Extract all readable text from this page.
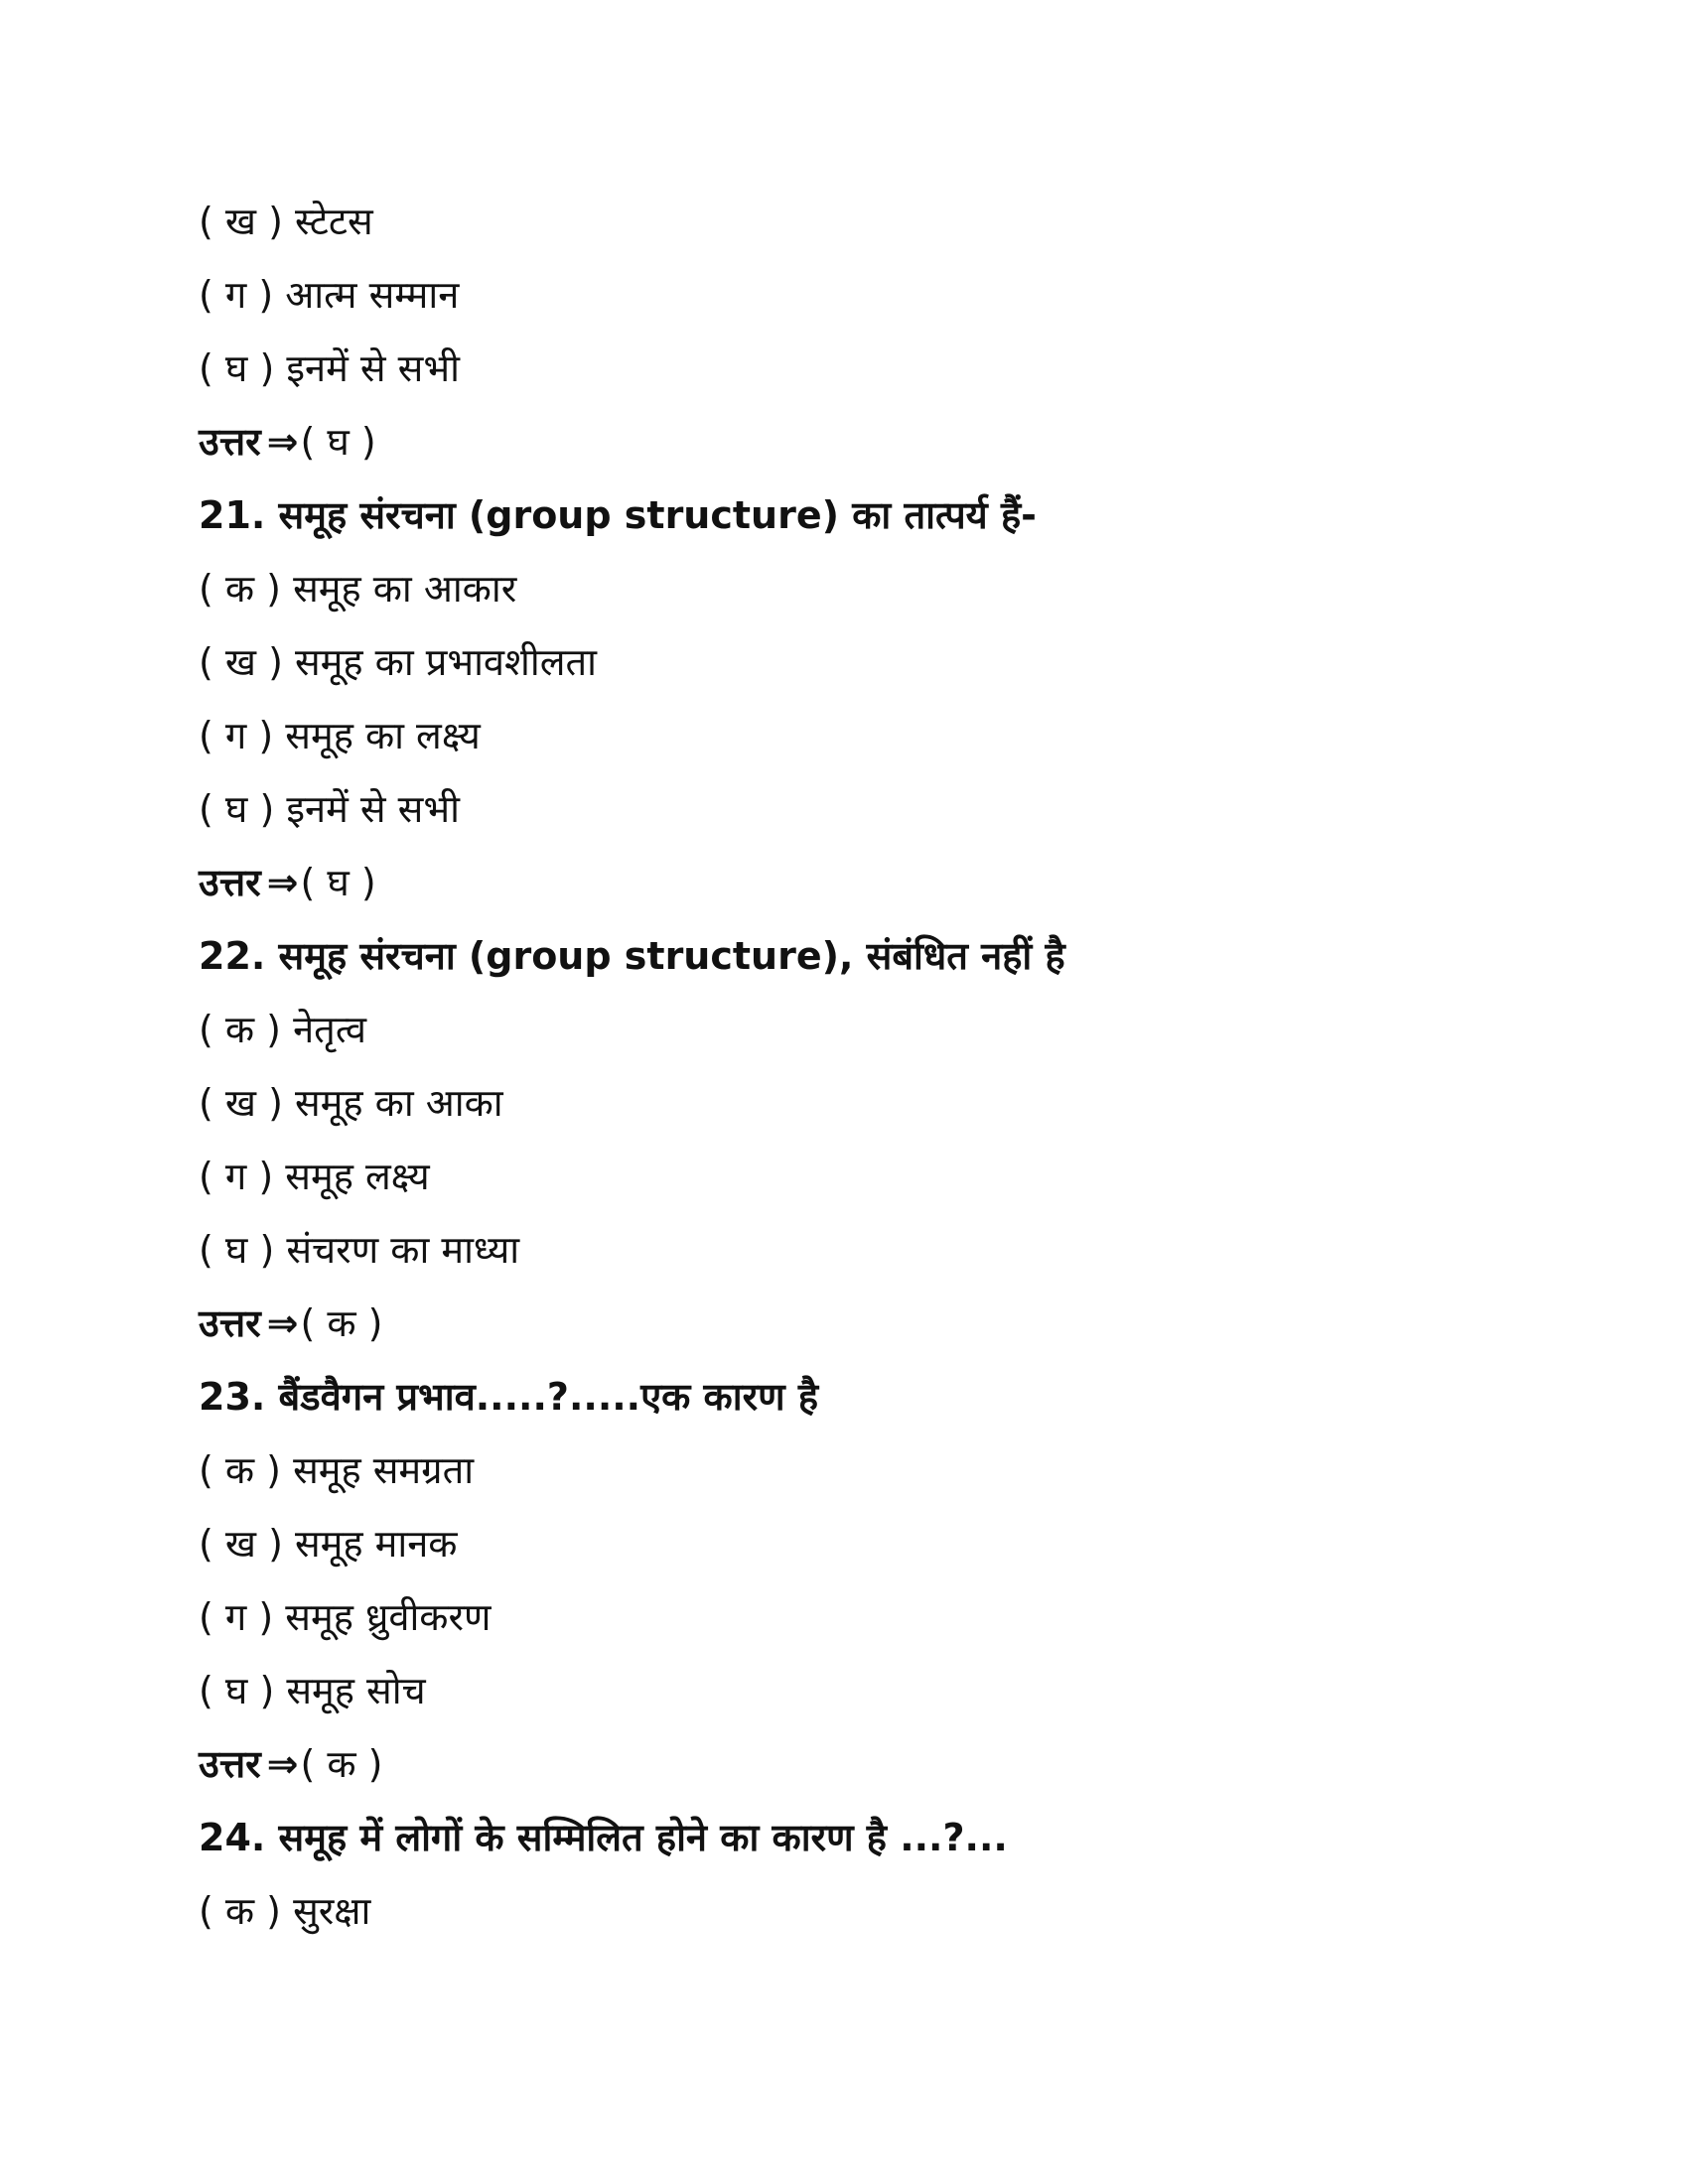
( ख ) स्टेटस
( ग ) आत्म सम्मान
( घ ) इनमें से सभी
उत्तर ⇒( घ )
21. समूह संरचना (group structure) का तात्पर्य हैं-
( क ) समूह का आकार
( ख ) समूह का प्रभावशीलता
( ग ) समूह का लक्ष्य
( घ ) इनमें से सभी
उत्तर ⇒( घ )
22. समूह संरचना (group structure), संबंधित नहीं है
( क ) नेतृत्व
( ख ) समूह का आका
( ग ) समूह लक्ष्य
( घ ) संचरण का माध्या
उत्तर ⇒( क )
23. बैंडवैगन प्रभाव.....?.....एक कारण है
( क ) समूह समग्रता
( ख ) समूह मानक
( ग ) समूह ध्रुवीकरण
( घ ) समूह सोच
उत्तर ⇒( क )
24. समूह में लोगों के सम्मिलित होने का कारण है ...?...
( क ) सुरक्षा
